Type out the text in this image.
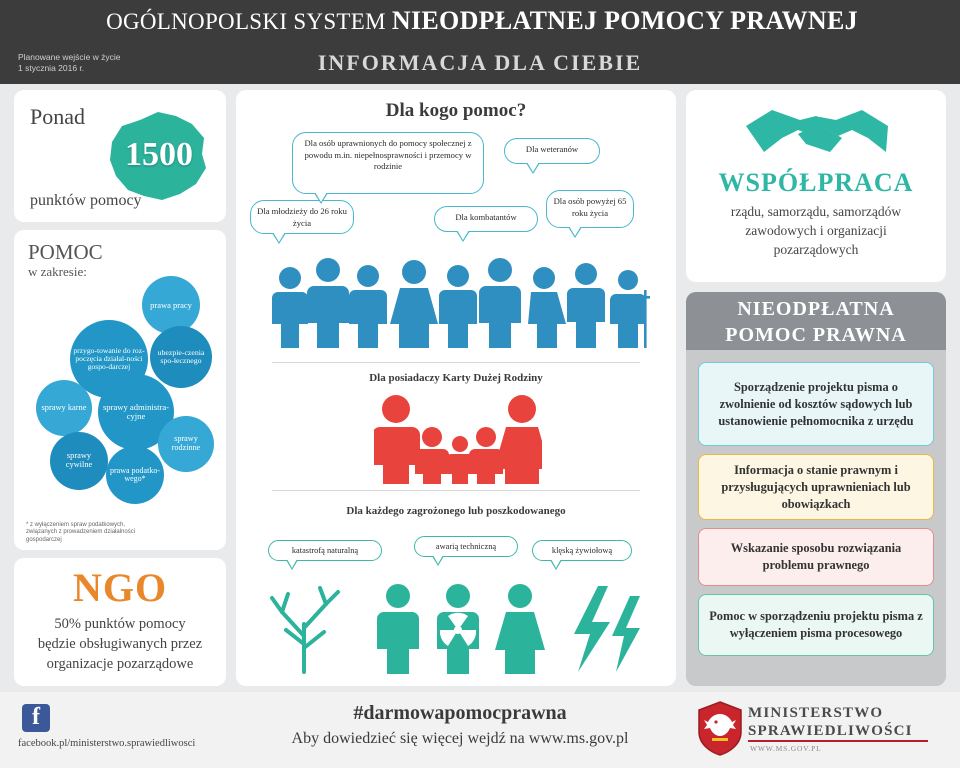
OGÓLNOPOLSKI SYSTEM NIEODPŁATNEJ POMOCY PRAWNEJ
INFORMACJA DLA CIEBIE
Planowane wejście w życie
1 stycznia 2016 r.
Ponad
punktów pomocy
1500
POMOC
w zakresie:
prawa pracy
przygo-towanie do roz-poczęcia działal-ności gospo-darczej
ubezpie-czenia spo-łecznego
sprawy karne	sprawy administra-cyjne
sprawy cywilne
sprawy rodzinne
prawa podatko-wego*
* z wyłączeniem spraw podatkowych, związanych z prowadzeniem działalności gospodarczej
NGO
50% punktów pomocy
będzie obsługiwanych przez
organizacje pozarządowe
Dla kogo pomoc?
Dla osób uprawnionych do pomocy społecznej z powodu m.in. niepełnosprawności i przemocy w rodzinie
Dla weteranów
Dla młodzieży do 26 roku życia
Dla kombatantów
Dla osób powyżej 65 roku życia
Dla posiadaczy Karty Dużej Rodziny
Dla każdego zagrożonego lub poszkodowanego
katastrofą naturalną	awarią techniczną	klęską żywiołową
WSPÓŁPRACA
rządu, samorządu, samorządów
zawodowych i organizacji
pozarządowych
NIEODPŁATNA
POMOC PRAWNA
Sporządzenie projektu pisma o zwolnienie od kosztów sądowych lub ustanowienie pełnomocnika z urzędu
Informacja o stanie prawnym i przysługujących uprawnieniach lub obowiązkach
Wskazanie sposobu rozwiązania problemu prawnego
Pomoc w sporządzeniu projektu pisma z wyłączeniem pisma procesowego
f
facebook.pl/ministerstwo.sprawiedliwosci
#darmowapomocprawna
Aby dowiedzieć się więcej wejdź na www.ms.gov.pl
MINISTERSTWO
SPRAWIEDLIWOŚCI
WWW.MS.GOV.PL
